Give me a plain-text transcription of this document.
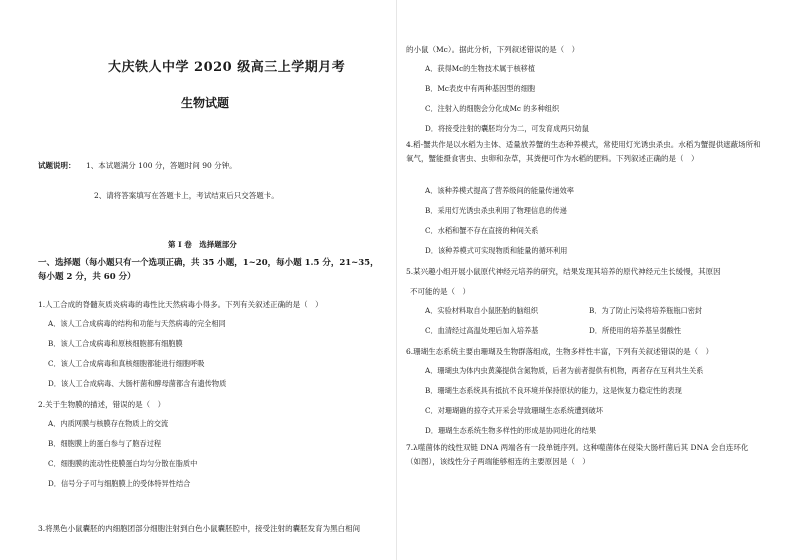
大庆铁人中学 2020 级高三上学期月考
生物试题
试题说明： 1、本试题满分 100 分，答题时间 90 分钟。
2、请将答案填写在答题卡上，考试结束后只交答题卡。
第 I 卷　选择题部分
一、选择题（每小题只有一个选项正确，共 35 小题，1~20，每小题 1.5 分，21~35，每小题 2 分，共 60 分）
1.人工合成的脊髓灰质炎病毒的毒性比天然病毒小得多。下列有关叙述正确的是（　）
A．该人工合成病毒的结构和功能与天然病毒的完全相同
B．该人工合成病毒和原核细胞都有细胞膜
C．该人工合成病毒和真核细胞都能进行细胞呼吸
D．该人工合成病毒、大肠杆菌和酵母菌都含有遗传物质
2.关于生物膜的描述，错误的是（　）
A．内质网膜与核膜存在物质上的交流
B．细胞膜上的蛋白参与了胞吞过程
C．细胞膜的流动性使膜蛋白均匀分散在脂质中
D．信号分子可与细胞膜上的受体特异性结合
3.将黑色小鼠囊胚的内细胞团部分细胞注射到白色小鼠囊胚腔中，接受注射的囊胚发育为黑白相间
的小鼠（Mc）。据此分析，下列叙述错误的是（　）
A．获得Mc的生物技术属于核移植
B．Mc表皮中有两种基因型的细胞
C．注射入的细胞会分化成Mc 的多种组织
D．将接受注射的囊胚均分为二，可发育成两只幼鼠
4.稻-蟹共作是以水稻为主体、适量放养蟹的生态种养模式，常使用灯光诱虫杀虫。水稻为蟹提供遮蔽场所和氧气，蟹能摄食害虫、虫卵和杂草，其粪便可作为水稻的肥料。下列叙述正确的是（　）
A．该种养模式提高了营养级间的能量传递效率
B．采用灯光诱虫杀虫利用了物理信息的传递
C．水稻和蟹不存在直接的种间关系
D．该种养模式可实现物质和能量的循环利用
5.某兴趣小组开展小鼠原代神经元培养的研究，结果发现其培养的原代神经元生长缓慢，其原因
不可能的是（　）
A．实验材料取自小鼠胚胎的脑组织	B．为了防止污染将培养瓶瓶口密封
C．血清经过高温处理后加入培养基	D．所使用的培养基呈弱酸性
6.珊瑚生态系统主要由珊瑚及生物群落组成，生物多样性丰富，下列有关叙述错误的是（　）
A．珊瑚虫为体内虫黄藻提供含氮物质，后者为前者提供有机物，两者存在互利共生关系
B．珊瑚生态系统具有抵抗不良环境并保持原状的能力，这是恢复力稳定性的表现
C．对珊瑚礁的掠夺式开采会导致珊瑚生态系统遭到破坏
D．珊瑚生态系统生物多样性的形成是协同进化的结果
7.λ噬菌体的线性双链 DNA 两端各有一段单链序列。这种噬菌体在侵染大肠杆菌后其 DNA 会自连环化（如图），该线性分子两端能够相连的主要原因是（　）
